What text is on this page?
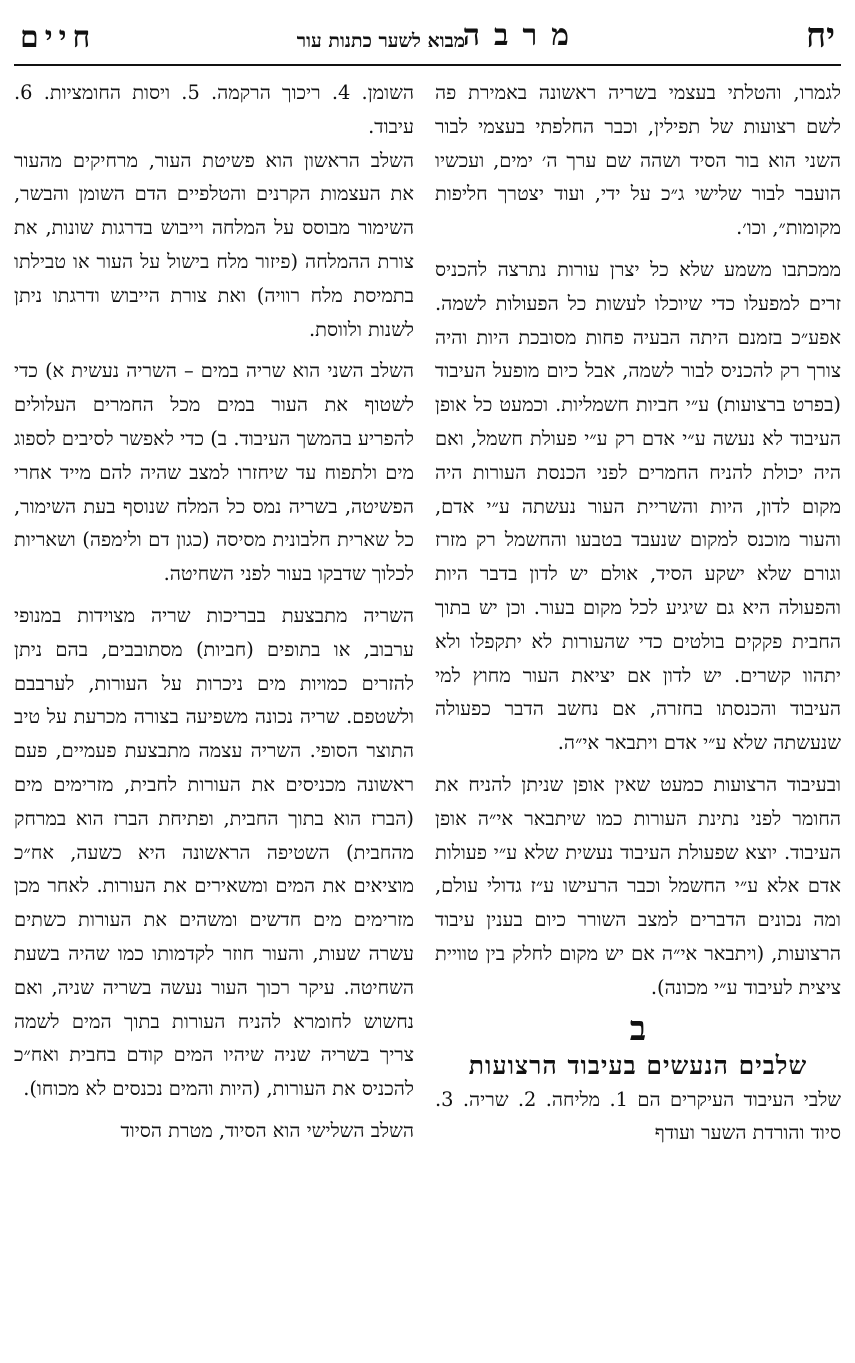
יח
מרבה
מבוא לשער כתנות עור
חיים

לגמרו, והטלתי בעצמי בשריה ראשונה באמירת פה לשם רצועות של תפילין, וכבר החלפתי בעצמי לבור השני הוא בור הסיד ושהה שם ערך ה׳ ימים, ועכשיו הועבר לבור שלישי ג״כ על ידי, ועוד יצטרך חליפות מקומות״, וכו׳.

ממכתבו משמע שלא כל יצרן עורות נתרצה להכניס זרים למפעלו כדי שיוכלו לעשות כל הפעולות לשמה. אפע״כ בזמנם היתה הבעיה פחות מסובכת היות והיה צורך רק להכניס לבור לשמה, אבל כיום מופעל העיבוד (בפרט ברצועות) ע״י חביות חשמליות. וכמעט כל אופן העיבוד לא נעשה ע״י אדם רק ע״י פעולת חשמל, ואם היה יכולת להניח החמרים לפני הכנסת העורות היה מקום לדון, היות והשריית העור נעשתה ע״י אדם, והעור מוכנס למקום שנעבד בטבעו והחשמל רק מזרז וגורם שלא ישקע הסיד, אולם יש לדון בדבר היות והפעולה היא גם שיגיע לכל מקום בעור. וכן יש בתוך החבית פקקים בולטים כדי שהעורות לא יתקפלו ולא יתהוו קשרים. יש לדון אם יציאת העור מחוץ למי העיבוד והכנסתו בחזרה, אם נחשב הדבר כפעולה שנעשתה שלא ע״י אדם ויתבאר אי״ה.

ובעיבוד הרצועות כמעט שאין אופן שניתן להניח את החומר לפני נתינת העורות כמו שיתבאר אי״ה אופן העיבוד. יוצא שפעולת העיבוד נעשית שלא ע״י פעולות אדם אלא ע״י החשמל וכבר הרעישו ע״ז גדולי עולם, ומה נכונים הדברים למצב השורר כיום בענין עיבוד הרצועות, (ויתבאר אי״ה אם יש מקום לחלק בין טוויית ציצית לעיבוד ע״י מכונה).

ב
שלבים הנעשים בעיבוד הרצועות

שלבי העיבוד העיקרים הם 1. מליחה. 2. שריה. 3. סיוד והורדת השער ועודף

השומן. 4. ריכוך הרקמה. 5. ויסות החומציות. 6. עיבוד.

השלב הראשון הוא פשיטת העור, מרחיקים מהעור את העצמות הקרנים והטלפיים הדם השומן והבשר, השימור מבוסס על המלחה וייבוש בדרגות שונות, את צורת ההמלחה (פיזור מלח בישול על העור או טבילתו בתמיסת מלח רוויה) ואת צורת הייבוש ודרגתו ניתן לשנות ולווסת.

השלב השני הוא שריה במים – השריה נעשית א) כדי לשטוף את העור במים מכל החמרים העלולים להפריע בהמשך העיבוד. ב) כדי לאפשר לסיבים לספוג מים ולתפוח עד שיחזרו למצב שהיה להם מייד אחרי הפשיטה, בשריה נמס כל המלח שנוסף בעת השימור, כל שארית חלבונית מסיסה (כגון דם ולימפה) ושאריות לכלוך שדבקו בעור לפני השחיטה.

השריה מתבצעת בבריכות שריה מצוידות במנופי ערבוב, או בתופים (חביות) מסתובבים, בהם ניתן להזרים כמויות מים ניכרות על העורות, לערבבם ולשטפם. שריה נכונה משפיעה בצורה מכרעת על טיב התוצר הסופי. השריה עצמה מתבצעת פעמיים, פעם ראשונה מכניסים את העורות לחבית, מזרימים מים (הברז הוא בתוך החבית, ופתיחת הברז הוא במרחק מהחבית) השטיפה הראשונה היא כשעה, אח״כ מוציאים את המים ומשאירים את העורות. לאחר מכן מזרימים מים חדשים ומשהים את העורות כשתים עשרה שעות, והעור חוזר לקדמותו כמו שהיה בשעת השחיטה. עיקר רכוך העור נעשה בשריה שניה, ואם נחשוש לחומרא להניח העורות בתוך המים לשמה צריך בשריה שניה שיהיו המים קודם בחבית ואח״כ להכניס את העורות, (היות והמים נכנסים לא מכוחו).

השלב השלישי הוא הסיוד, מטרת הסיוד
